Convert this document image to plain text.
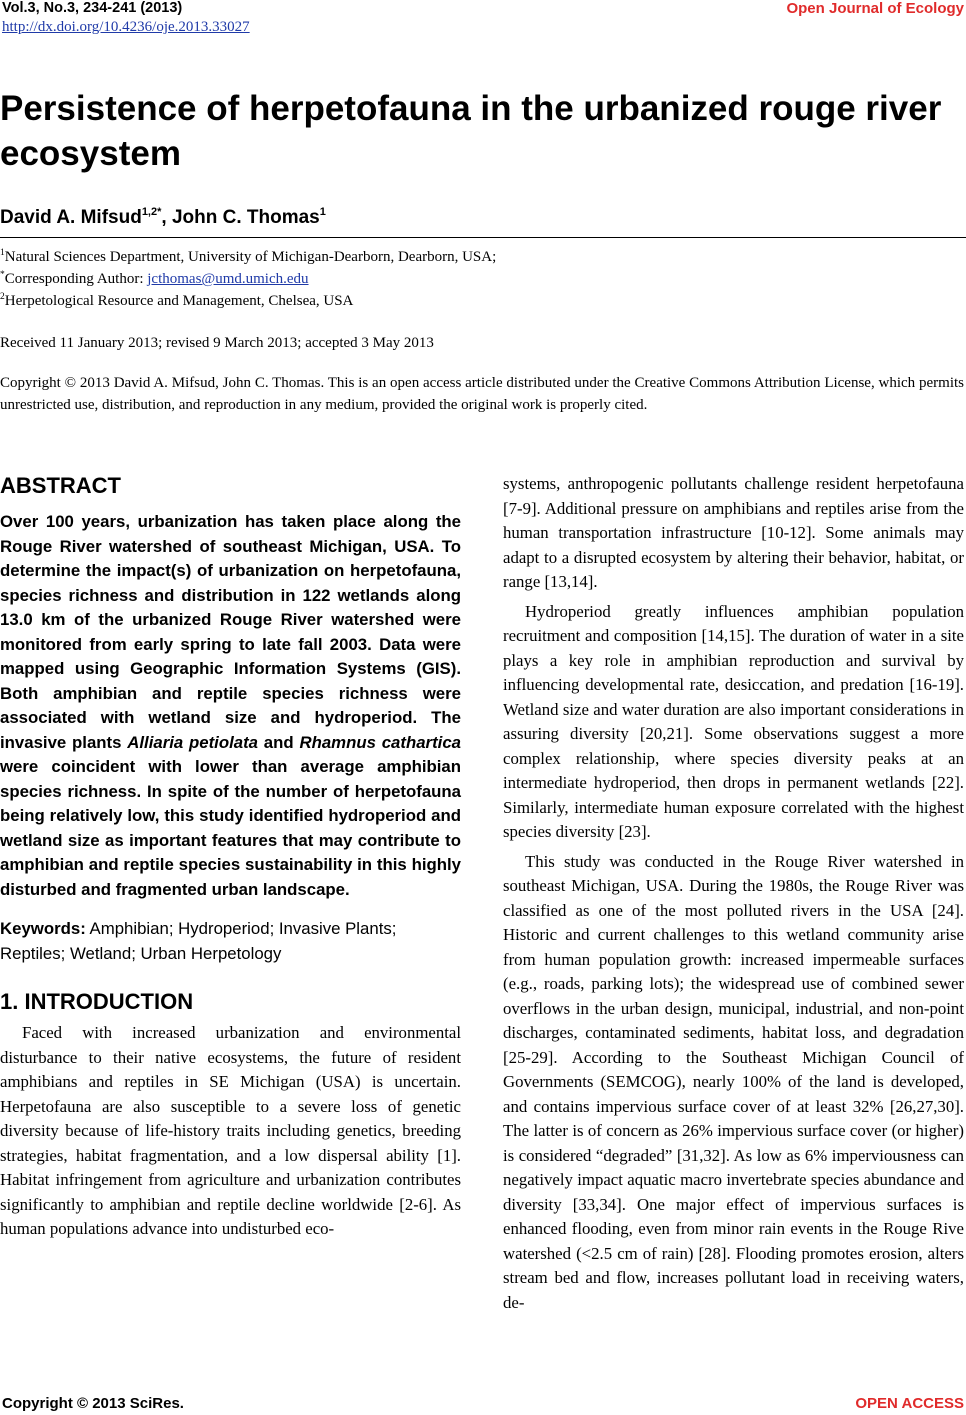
Vol.3, No.3, 234-241 (2013)
http://dx.doi.org/10.4236/oje.2013.33027
Open Journal of Ecology
Persistence of herpetofauna in the urbanized rouge river ecosystem
David A. Mifsud$^{1,2*}$, John C. Thomas$^1$
$^1$Natural Sciences Department, University of Michigan-Dearborn, Dearborn, USA;
*Corresponding Author: jcthomas@umd.umich.edu
$^2$Herpetological Resource and Management, Chelsea, USA
Received 11 January 2013; revised 9 March 2013; accepted 3 May 2013
Copyright © 2013 David A. Mifsud, John C. Thomas. This is an open access article distributed under the Creative Commons Attribution License, which permits unrestricted use, distribution, and reproduction in any medium, provided the original work is properly cited.
ABSTRACT

Over 100 years, urbanization has taken place along the Rouge River watershed of southeast Michigan, USA. To determine the impact(s) of urbanization on herpetofauna, species richness and distribution in 122 wetlands along 13.0 km of the urbanized Rouge River watershed were monitored from early spring to late fall 2003. Data were mapped using Geographic Information Systems (GIS). Both amphibian and reptile species richness were associated with wetland size and hydroperiod. The invasive plants Alliaria petiolata and Rhamnus cathartica were coincident with lower than average amphibian species richness. In spite of the number of herpetofauna being relatively low, this study identified hydroperiod and wetland size as important features that may contribute to amphibian and reptile species sustainability in this highly disturbed and fragmented urban landscape.

Keywords: Amphibian; Hydroperiod; Invasive Plants; Reptiles; Wetland; Urban Herpetology

1. INTRODUCTION

Faced with increased urbanization and environmental disturbance to their native ecosystems, the future of resident amphibians and reptiles in SE Michigan (USA) is uncertain. Herpetofauna are also susceptible to a severe loss of genetic diversity because of life-history traits including genetics, breeding strategies, habitat fragmentation, and a low dispersal ability [1]. Habitat infringement from agriculture and urbanization contributes significantly to amphibian and reptile decline worldwide [2-6]. As human populations advance into undisturbed eco-

systems, anthropogenic pollutants challenge resident herpetofauna [7-9]. Additional pressure on amphibians and reptiles arise from the human transportation infrastructure [10-12]. Some animals may adapt to a disrupted ecosystem by altering their behavior, habitat, or range [13,14].

Hydroperiod greatly influences amphibian population recruitment and composition [14,15]. The duration of water in a site plays a key role in amphibian reproduction and survival by influencing developmental rate, desiccation, and predation [16-19]. Wetland size and water duration are also important considerations in assuring diversity [20,21]. Some observations suggest a more complex relationship, where species diversity peaks at an intermediate hydroperiod, then drops in permanent wetlands [22]. Similarly, intermediate human exposure correlated with the highest species diversity [23].

This study was conducted in the Rouge River watershed in southeast Michigan, USA. During the 1980s, the Rouge River was classified as one of the most polluted rivers in the USA [24]. Historic and current challenges to this wetland community arise from human population growth: increased impermeable surfaces (e.g., roads, parking lots); the widespread use of combined sewer overflows in the urban design, municipal, industrial, and non-point discharges, contaminated sediments, habitat loss, and degradation [25-29]. According to the Southeast Michigan Council of Governments (SEMCOG), nearly 100% of the land is developed, and contains impervious surface cover of at least 32% [26,27,30]. The latter is of concern as 26% impervious surface cover (or higher) is considered “degraded” [31,32]. As low as 6% imperviousness can negatively impact aquatic macro invertebrate species abundance and diversity [33,34]. One major effect of impervious surfaces is enhanced flooding, even from minor rain events in the Rouge Rive watershed (<2.5 cm of rain) [28]. Flooding promotes erosion, alters stream bed and flow, increases pollutant load in receiving waters, de-

Copyright © 2013 SciRes.	OPEN ACCESS
